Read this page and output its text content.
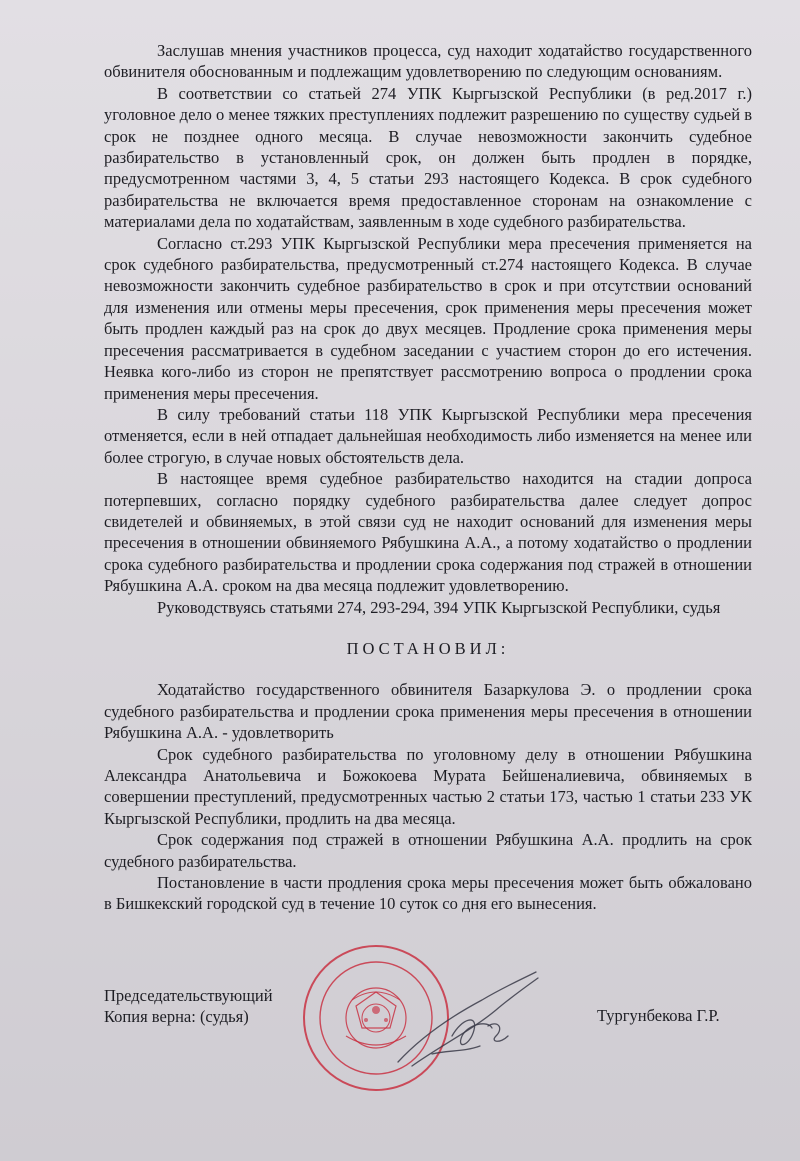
Заслушав мнения участников процесса, суд находит ходатайство государственного обвинителя обоснованным и подлежащим удовлетворению по следующим основаниям.

В соответствии со статьей 274 УПК Кыргызской Республики (в ред.2017 г.) уголовное дело о менее тяжких преступлениях подлежит разрешению по существу судьей в срок не позднее одного месяца. В случае невозможности закончить судебное разбирательство в установленный срок, он должен быть продлен в порядке, предусмотренном частями 3, 4, 5 статьи 293 настоящего Кодекса. В срок судебного разбирательства не включается время предоставленное сторонам на ознакомление с материалами дела по ходатайствам, заявленным в ходе судебного разбирательства.

Согласно ст.293 УПК Кыргызской Республики мера пресечения применяется на срок судебного разбирательства, предусмотренный ст.274 настоящего Кодекса. В случае невозможности закончить судебное разбирательство в срок и при отсутствии оснований для изменения или отмены меры пресечения, срок применения меры пресечения может быть продлен каждый раз на срок до двух месяцев. Продление срока применения меры пресечения рассматривается в судебном заседании с участием сторон до его истечения. Неявка кого-либо из сторон не препятствует рассмотрению вопроса о продлении срока применения меры пресечения.

В силу требований статьи 118 УПК Кыргызской Республики мера пресечения отменяется, если в ней отпадает дальнейшая необходимость либо изменяется на менее или более строгую, в случае новых обстоятельств дела.

В настоящее время судебное разбирательство находится на стадии допроса потерпевших, согласно порядку судебного разбирательства далее следует допрос свидетелей и обвиняемых, в этой связи суд не находит оснований для изменения меры пресечения в отношении обвиняемого Рябушкина А.А., а потому ходатайство о продлении срока судебного разбирательства и продлении срока содержания под стражей в отношении Рябушкина А.А. сроком на два месяца подлежит удовлетворению.

Руководствуясь статьями 274, 293-294, 394 УПК Кыргызской Республики, судья

ПОСТАНОВИЛ:

Ходатайство государственного обвинителя Базаркулова Э. о продлении срока судебного разбирательства и продлении срока применения меры пресечения в отношении Рябушкина А.А. - удовлетворить

Срок судебного разбирательства по уголовному делу в отношении Рябушкина Александра Анатольевича и Божокоева Мурата Бейшеналиевича, обвиняемых в совершении преступлений, предусмотренных частью 2 статьи 173, частью 1 статьи 233 УК Кыргызской Республики, продлить на два месяца.

Срок содержания под стражей в отношении Рябушкина А.А. продлить на срок судебного разбирательства.

Постановление в части продления срока меры пресечения может быть обжаловано в Бишкекский городской суд в течение 10 суток со дня его вынесения.

Председательствующий
Копия верна: (судья)	Тургунбекова Г.Р.
